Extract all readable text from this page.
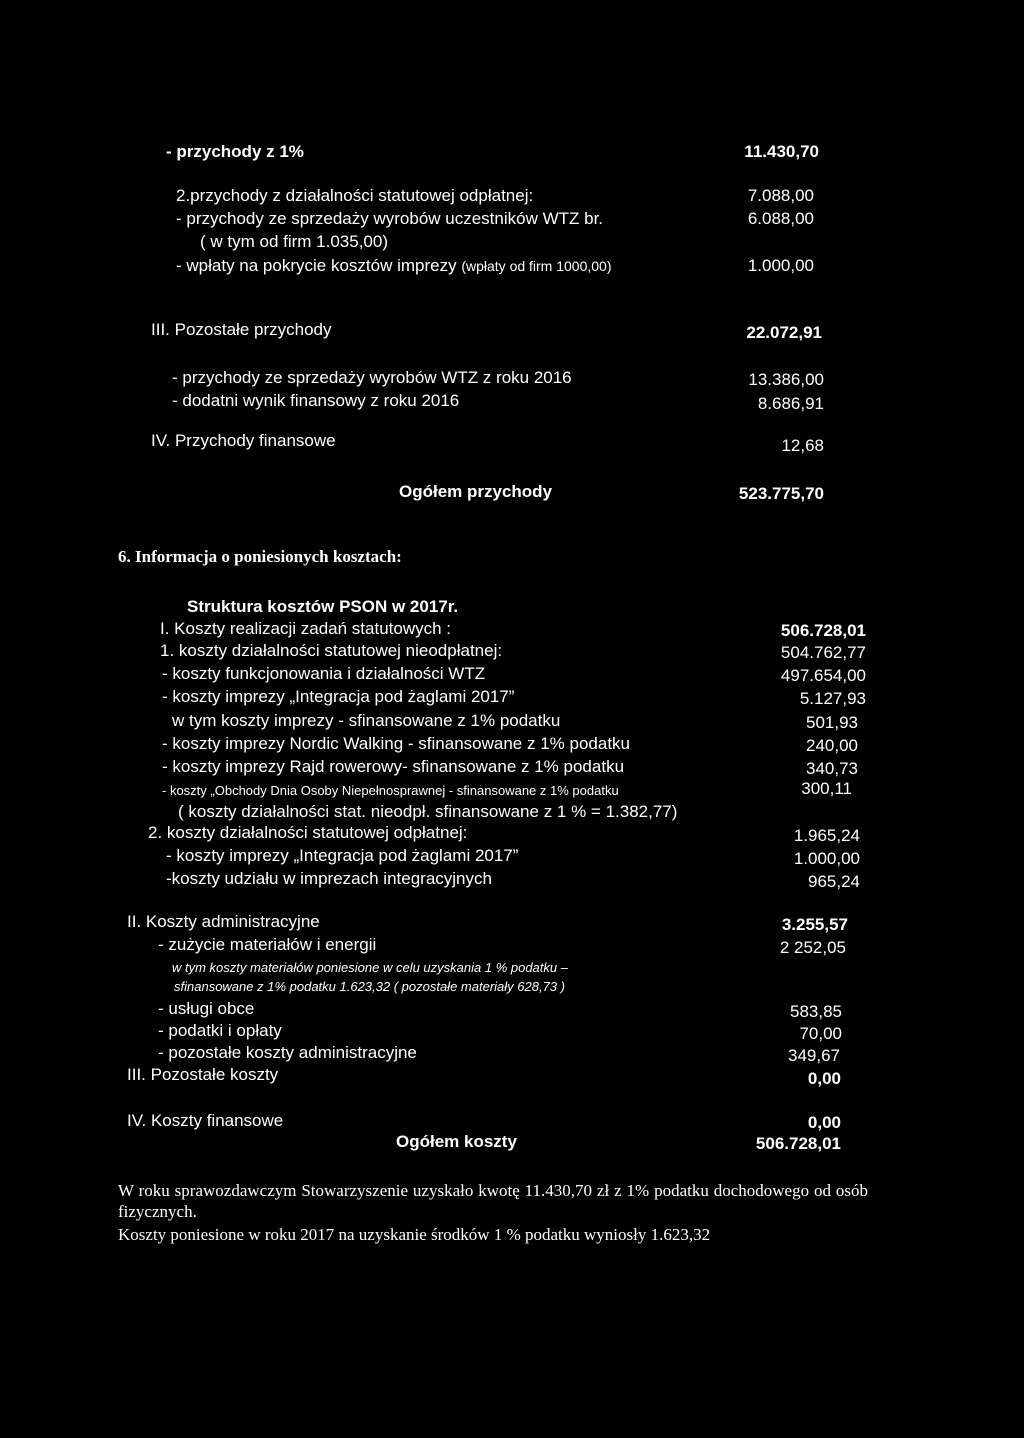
- przychody z 1%	11.430,70
2.przychody z działalności statutowej odpłatnej:	7.088,00
- przychody ze sprzedaży wyrobów uczestników WTZ br.	6.088,00
( w tym od firm 1.035,00)
- wpłaty na pokrycie kosztów imprezy (wpłaty od firm 1000,00)	1.000,00
III. Pozostałe przychody	22.072,91
- przychody ze sprzedaży wyrobów WTZ z roku 2016	13.386,00
- dodatni wynik finansowy z roku 2016	8.686,91
IV. Przychody finansowe	12,68
Ogółem przychody	523.775,70
6. Informacja o poniesionych kosztach:
Struktura kosztów PSON w 2017r.
I. Koszty realizacji zadań statutowych :	506.728,01
1. koszty działalności statutowej nieodpłatnej:	504.762,77
- koszty funkcjonowania i działalności WTZ	497.654,00
- koszty imprezy „Integracja pod żaglami 2017”	5.127,93
w tym koszty imprezy - sfinansowane z 1% podatku	501,93
- koszty imprezy Nordic Walking - sfinansowane z 1% podatku	240,00
- koszty imprezy Rajd rowerowy- sfinansowane z 1% podatku	340,73
- koszty „Obchody Dnia Osoby Niepełnosprawnej - sfinansowane z 1% podatku	300,11
( koszty działalności stat. nieodpł. sfinansowane z 1 % = 1.382,77)
2. koszty działalności statutowej odpłatnej:	1.965,24
- koszty imprezy „Integracja pod żaglami 2017”	1.000,00
-koszty udziału w imprezach integracyjnych	965,24
II. Koszty administracyjne	3.255,57
- zużycie materiałów i energii	2 252,05
w tym koszty materiałów poniesione w celu uzyskania 1 % podatku –
sfinansowane z 1% podatku 1.623,32 ( pozostałe materiały 628,73 )
- usługi obce	583,85
- podatki i opłaty	70,00
- pozostałe koszty administracyjne	349,67
III. Pozostałe koszty	0,00
IV. Koszty finansowe	0,00
Ogółem koszty	506.728,01
W roku sprawozdawczym Stowarzyszenie uzyskało kwotę 11.430,70 zł z 1% podatku dochodowego od osób fizycznych.
Koszty poniesione w roku 2017 na uzyskanie środków 1 % podatku wyniosły 1.623,32
